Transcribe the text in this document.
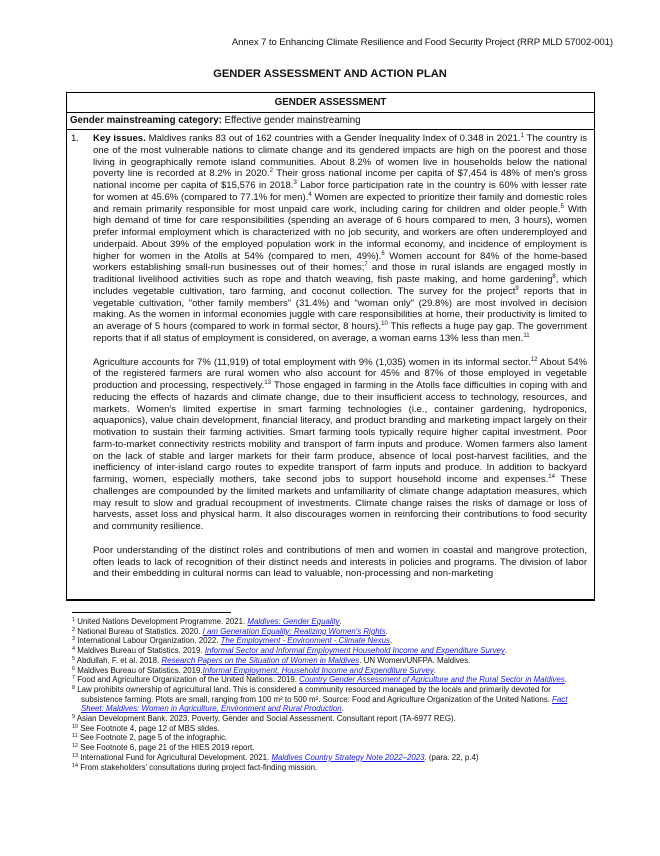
Annex 7 to Enhancing Climate Resilience and Food Security Project (RRP MLD 57002-001)
GENDER ASSESSMENT AND ACTION PLAN
GENDER ASSESSMENT
Gender mainstreaming category: Effective gender mainstreaming
1. Key issues. Maldives ranks 83 out of 162 countries with a Gender Inequality Index of 0.348 in 2021.$^1$ The country is one of the most vulnerable nations to climate change and its gendered impacts are high on the poorest and those living in geographically remote island communities. About 8.2% of women live in households below the national poverty line is recorded at 8.2% in 2020.$^2$ Their gross national income per capita of $7,454 is 48% of men's gross national income per capita of $15,576 in 2018.$^3$ Labor force participation rate in the country is 60% with lesser rate for women at 45.6% (compared to 77.1% for men).$^4$ Women are expected to prioritize their family and domestic roles and remain primarily responsible for most unpaid care work, including caring for children and older people.$^5$ With high demand of time for care responsibilities (spending an average of 6 hours compared to men, 3 hours), women prefer informal employment which is characterized with no job security, and workers are often underemployed and underpaid. About 39% of the employed population work in the informal economy, and incidence of employment is higher for women in the Atolls at 54% (compared to men, 49%).$^6$ Women account for 84% of the home-based workers establishing small-run businesses out of their homes;$^7$ and those in rural islands are engaged mostly in traditional livelihood activities such as rope and thatch weaving, fish paste making, and home gardening$^8$, which includes vegetable cultivation, taro farming, and coconut collection. The survey for the project$^9$ reports that in vegetable cultivation, "other family members" (31.4%) and "woman only" (29.8%) are most involved in decision making. As the women in informal economies juggle with care responsibilities at home, their productivity is limited to an average of 5 hours (compared to work in formal sector, 8 hours).$^{10}$ This reflects a huge pay gap. The government reports that if all status of employment is considered, on average, a woman earns 13% less than men.$^{11}$

Agriculture accounts for 7% (11,919) of total employment with 9% (1,035) women in its informal sector.$^{12}$ About 54% of the registered farmers are rural women who also account for 45% and 87% of those employed in vegetable production and processing, respectively.$^{13}$ Those engaged in farming in the Atolls face difficulties in coping with and reducing the effects of hazards and climate change, due to their insufficient access to technology, resources, and markets. Women's limited expertise in smart farming technologies (i.e., container gardening, hydroponics, aquaponics), value chain development, financial literacy, and product branding and marketing impact largely on their motivation to sustain their farming activities. Smart farming tools typically require higher capital investment. Poor farm-to-market connectivity restricts mobility and transport of farm inputs and produce. Women farmers also lament on the lack of stable and larger markets for their farm produce, absence of local post-harvest facilities, and the inefficiency of inter-island cargo routes to expedite transport of farm inputs and produce. In addition to backyard farming, women, especially mothers, take second jobs to support household income and expenses.$^{14}$ These challenges are compounded by the limited markets and unfamiliarity of climate change adaptation measures, which may result to slow and gradual recoupment of investments. Climate change raises the risks of damage or loss of harvests, asset loss and physical harm. It also discourages women in reinforcing their contributions to food security and community resilience.

Poor understanding of the distinct roles and contributions of men and women in coastal and mangrove protection, often leads to lack of recognition of their distinct needs and interests in policies and programs. The division of labor and their embedding in cultural norms can lead to valuable, non-processing and non-marketing

$^1$ United Nations Development Programme. 2021. Maldives: Gender Equality.
$^2$ National Bureau of Statistics. 2020. I am Generation Equality: Realizing Women's Rights.
$^3$ International Labour Organization. 2022. The Employment - Environment - Climate Nexus.
$^4$ Maldives Bureau of Statistics. 2019. Informal Sector and Informal Employment Household Income and Expenditure Survey.
$^5$ Abdullah, F. et al. 2018. Research Papers on the Situation of Women in Maldives. UN Women/UNFPA. Maldives.
$^6$ Maldives Bureau of Statistics. 2019.Informal Employment, Household Income and Expenditure Survey.
$^7$ Food and Agriculture Organization of the United Nations. 2019. Country Gender Assessment of Agriculture and the Rural Sector in Maldives.
$^8$ Law prohibits ownership of agricultural land. This is considered a community resourced managed by the locals and primarily devoted for subsistence farming. Plots are small, ranging from 100 m² to 500 m². Source: Food and Agriculture Organization of the United Nations. Fact Sheet: Maldives: Women in Agriculture, Environment and Rural Production.
$^9$ Asian Development Bank. 2023. Poverty, Gender and Social Assessment. Consultant report (TA-6977 REG).
$^{10}$ See Footnote 4, page 12 of MBS slides.
$^{11}$ See Footnote 2, page 5 of the infographic.
$^{12}$ See Footnote 6, page 21 of the HIES 2019 report.
$^{13}$ International Fund for Agricultural Development. 2021. Maldives Country Strategy Note 2022–2023. (para. 22, p.4)
$^{14}$ From stakeholders' consultations during project fact-finding mission.
